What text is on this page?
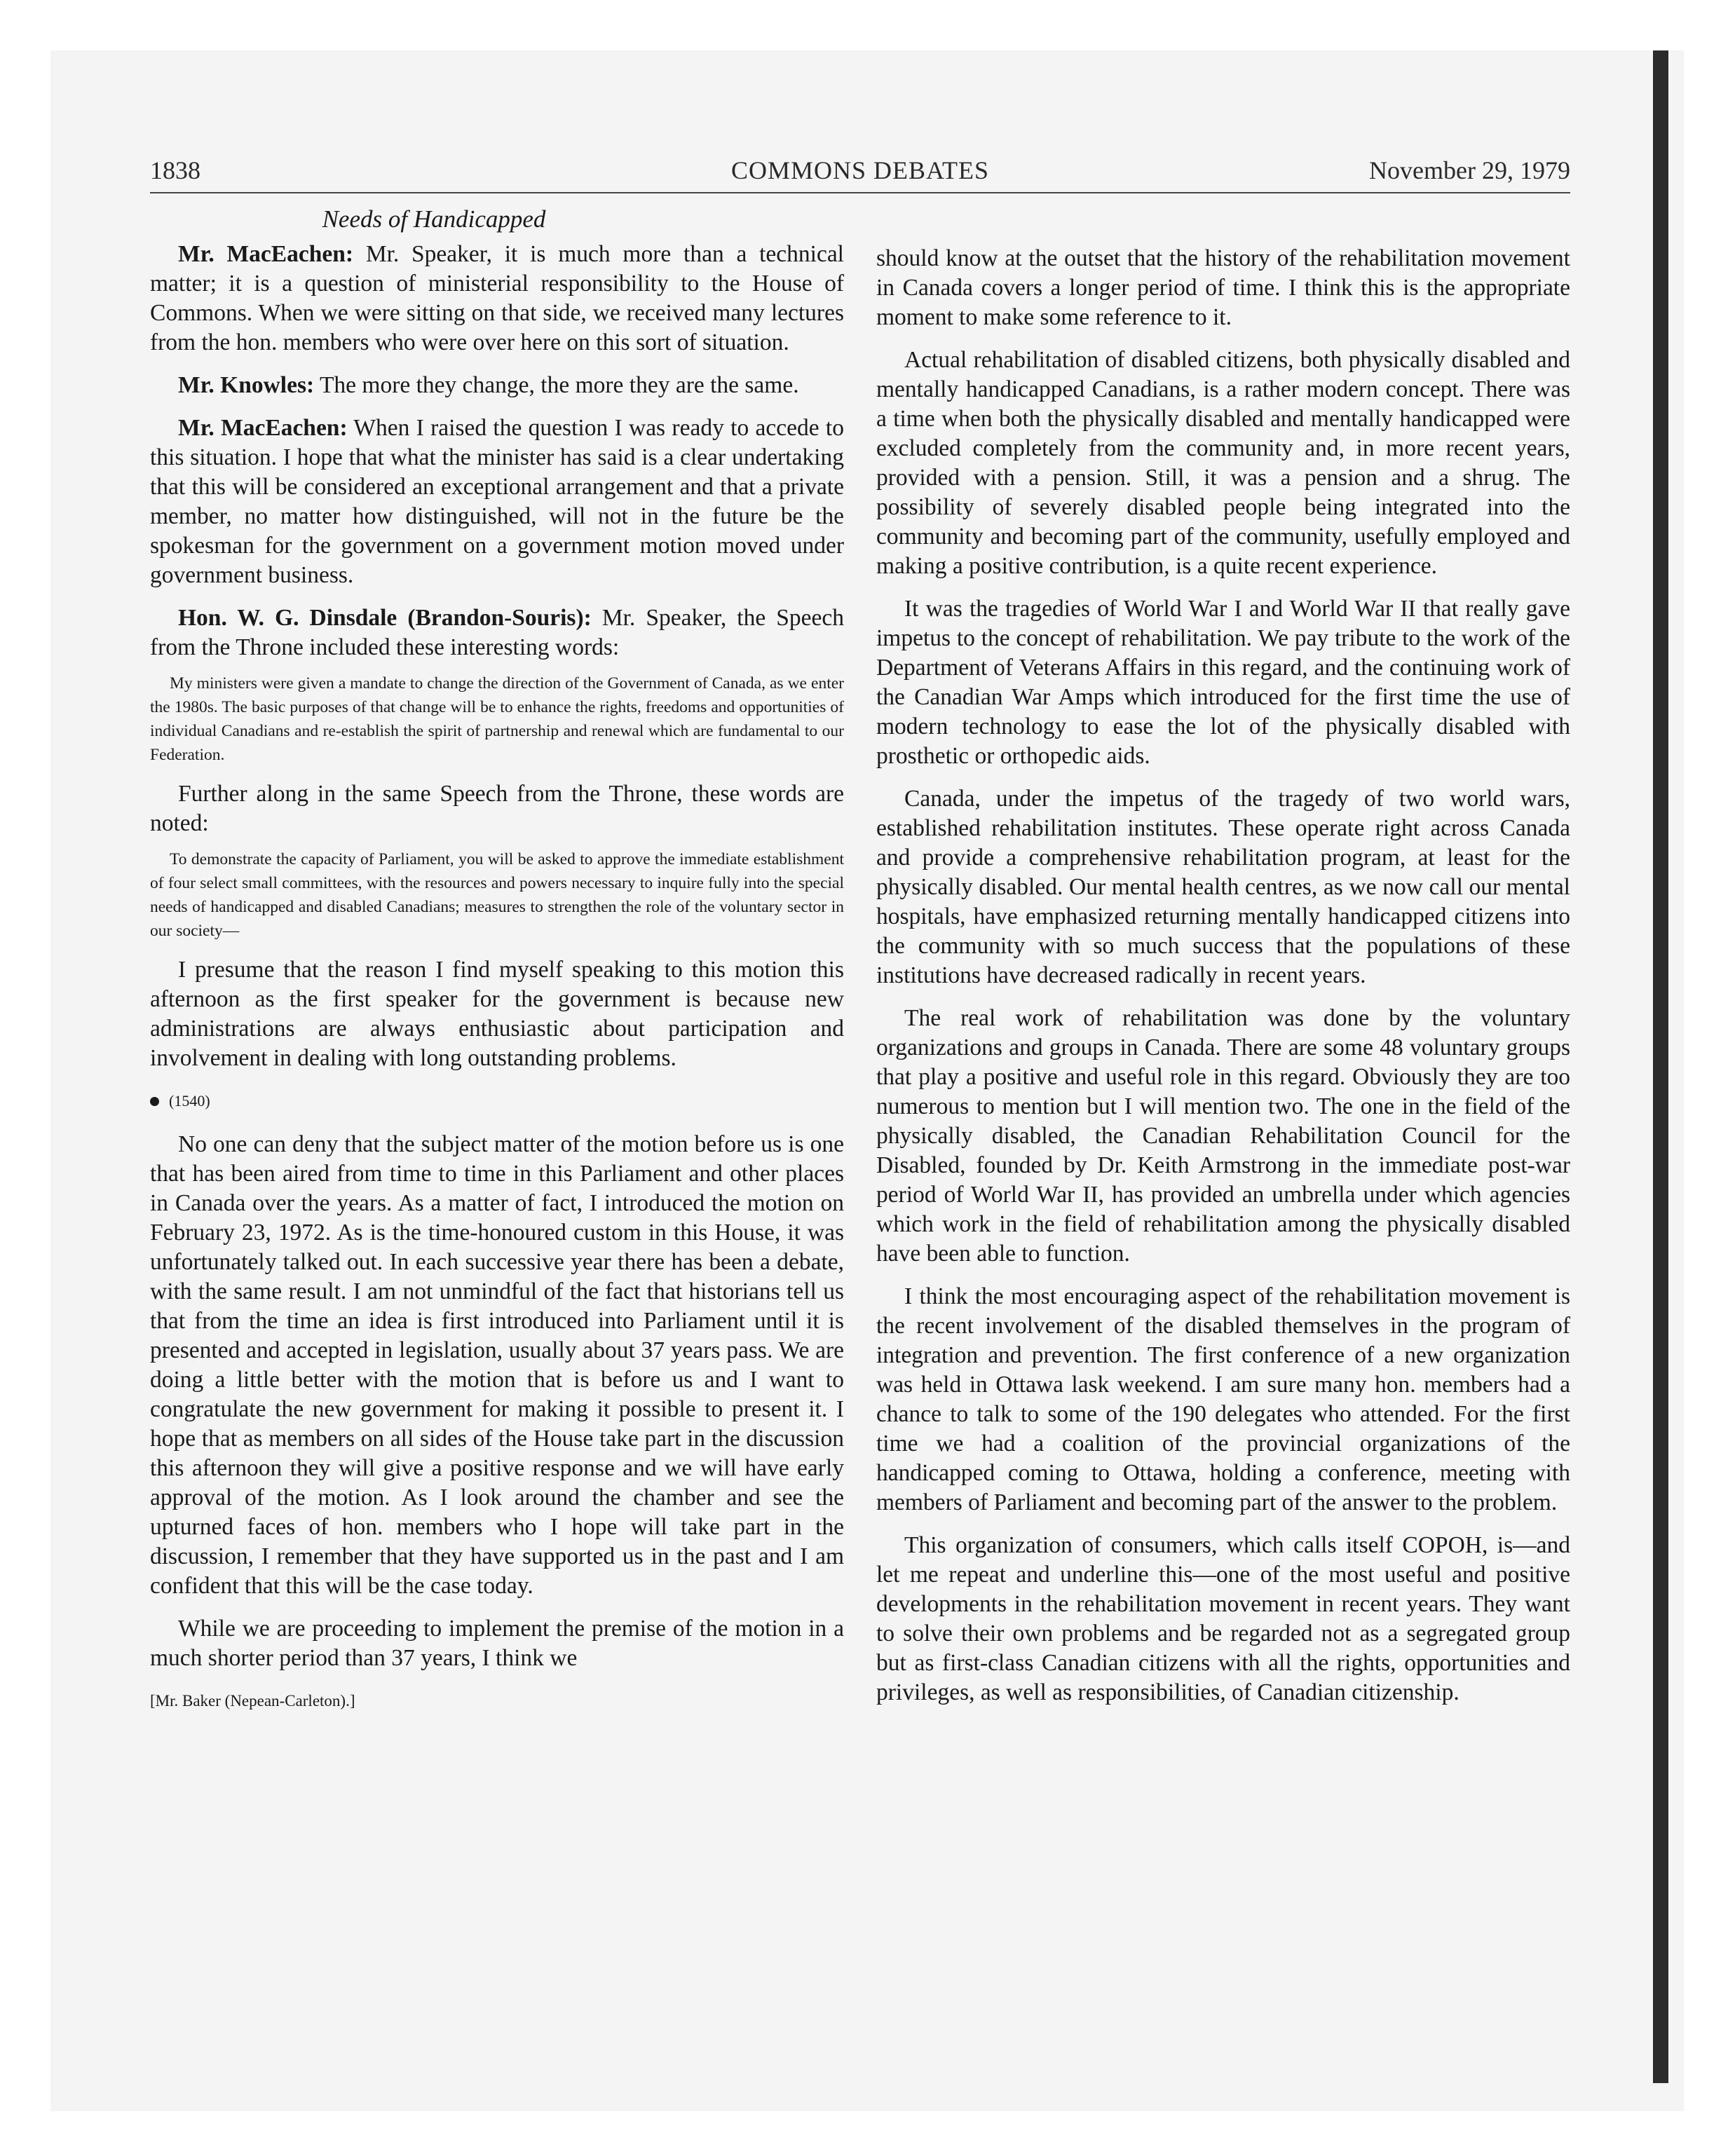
1838	COMMONS DEBATES	November 29, 1979
Needs of Handicapped

Mr. MacEachen: Mr. Speaker, it is much more than a technical matter; it is a question of ministerial responsibility to the House of Commons. When we were sitting on that side, we received many lectures from the hon. members who were over here on this sort of situation.

Mr. Knowles: The more they change, the more they are the same.

Mr. MacEachen: When I raised the question I was ready to accede to this situation. I hope that what the minister has said is a clear undertaking that this will be considered an exceptional arrangement and that a private member, no matter how distinguished, will not in the future be the spokesman for the government on a government motion moved under government business.

Hon. W. G. Dinsdale (Brandon-Souris): Mr. Speaker, the Speech from the Throne included these interesting words:

My ministers were given a mandate to change the direction of the Government of Canada, as we enter the 1980s. The basic purposes of that change will be to enhance the rights, freedoms and opportunities of individual Canadians and re-establish the spirit of partnership and renewal which are fundamental to our Federation.

Further along in the same Speech from the Throne, these words are noted:

To demonstrate the capacity of Parliament, you will be asked to approve the immediate establishment of four select small committees, with the resources and powers necessary to inquire fully into the special needs of handicapped and disabled Canadians; measures to strengthen the role of the voluntary sector in our society—

I presume that the reason I find myself speaking to this motion this afternoon as the first speaker for the government is because new administrations are always enthusiastic about participation and involvement in dealing with long outstanding problems.

(1540)

No one can deny that the subject matter of the motion before us is one that has been aired from time to time in this Parliament and other places in Canada over the years. As a matter of fact, I introduced the motion on February 23, 1972. As is the time-honoured custom in this House, it was unfortunately talked out. In each successive year there has been a debate, with the same result. I am not unmindful of the fact that historians tell us that from the time an idea is first introduced into Parliament until it is presented and accepted in legislation, usually about 37 years pass. We are doing a little better with the motion that is before us and I want to congratulate the new government for making it possible to present it. I hope that as members on all sides of the House take part in the discussion this afternoon they will give a positive response and we will have early approval of the motion. As I look around the chamber and see the upturned faces of hon. members who I hope will take part in the discussion, I remember that they have supported us in the past and I am confident that this will be the case today.

While we are proceeding to implement the premise of the motion in a much shorter period than 37 years, I think we

[Mr. Baker (Nepean-Carleton).]

should know at the outset that the history of the rehabilitation movement in Canada covers a longer period of time. I think this is the appropriate moment to make some reference to it.

Actual rehabilitation of disabled citizens, both physically disabled and mentally handicapped Canadians, is a rather modern concept. There was a time when both the physically disabled and mentally handicapped were excluded completely from the community and, in more recent years, provided with a pension. Still, it was a pension and a shrug. The possibility of severely disabled people being integrated into the community and becoming part of the community, usefully employed and making a positive contribution, is a quite recent experience.

It was the tragedies of World War I and World War II that really gave impetus to the concept of rehabilitation. We pay tribute to the work of the Department of Veterans Affairs in this regard, and the continuing work of the Canadian War Amps which introduced for the first time the use of modern technology to ease the lot of the physically disabled with prosthetic or orthopedic aids.

Canada, under the impetus of the tragedy of two world wars, established rehabilitation institutes. These operate right across Canada and provide a comprehensive rehabilitation program, at least for the physically disabled. Our mental health centres, as we now call our mental hospitals, have emphasized returning mentally handicapped citizens into the community with so much success that the populations of these institutions have decreased radically in recent years.

The real work of rehabilitation was done by the voluntary organizations and groups in Canada. There are some 48 voluntary groups that play a positive and useful role in this regard. Obviously they are too numerous to mention but I will mention two. The one in the field of the physically disabled, the Canadian Rehabilitation Council for the Disabled, founded by Dr. Keith Armstrong in the immediate post-war period of World War II, has provided an umbrella under which agencies which work in the field of rehabilitation among the physically disabled have been able to function.

I think the most encouraging aspect of the rehabilitation movement is the recent involvement of the disabled themselves in the program of integration and prevention. The first conference of a new organization was held in Ottawa lask weekend. I am sure many hon. members had a chance to talk to some of the 190 delegates who attended. For the first time we had a coalition of the provincial organizations of the handicapped coming to Ottawa, holding a conference, meeting with members of Parliament and becoming part of the answer to the problem.

This organization of consumers, which calls itself COPOH, is—and let me repeat and underline this—one of the most useful and positive developments in the rehabilitation movement in recent years. They want to solve their own problems and be regarded not as a segregated group but as first-class Canadian citizens with all the rights, opportunities and privileges, as well as responsibilities, of Canadian citizenship.
